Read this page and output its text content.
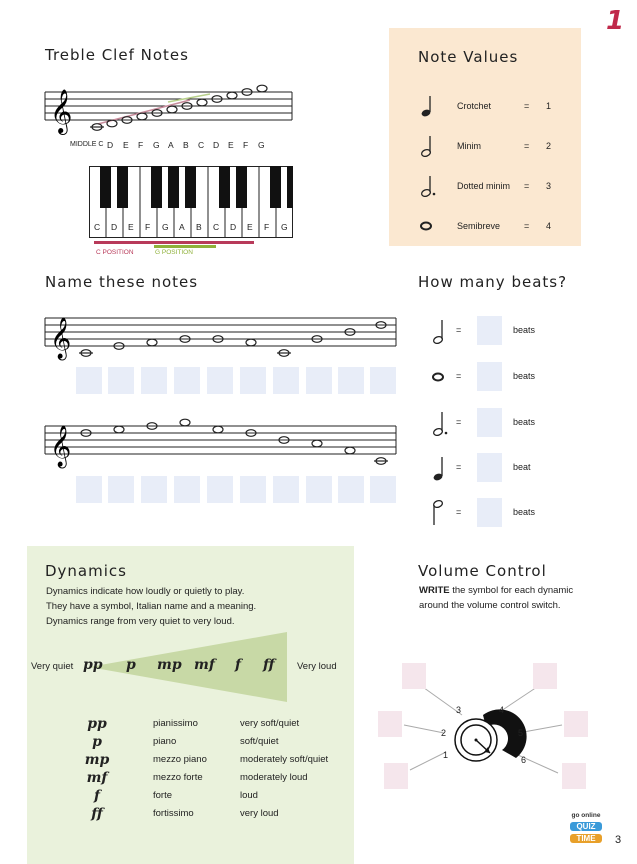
1
Treble Clef Notes
𝄞
MIDDLE C D E F G A B C D E F G
C D E F G A B C D E F G
C POSITION	G POSITION
Note Values
Crotchet	= 1
Minim	= 2
Dotted minim = 3
Semibreve	= 4
Name these notes
𝄞
𝄞
How many beats?
=	beats
=	beats
=	beats
=	beat
=	beats
Dynamics
Dynamics indicate how loudly or quietly to play.
They have a symbol, Italian name and a meaning.
Dynamics range from very quiet to very loud.
Very quiet	Very loud
pp p mp mf f ff
pp	pianissimo	very soft/quiet
p	piano	soft/quiet
mp	mezzo piano	moderately soft/quiet
mf	mezzo forte	moderately loud
f	forte	loud
ff	fortissimo	very loud
Volume Control
WRITE the symbol for each dynamic
around the volume control switch.
1
2
3	4
5
6
go online
QUIZ
TIME	3
